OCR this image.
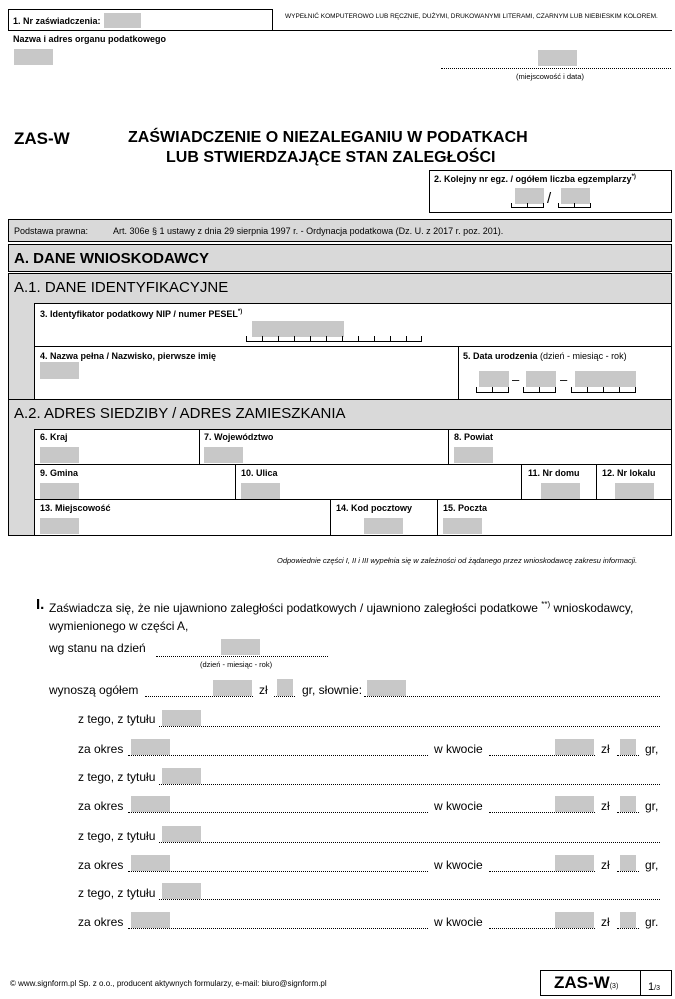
1. Nr zaświadczenia:	WYPEŁNIĆ KOMPUTEROWO LUB RĘCZNIE, DUŻYMI, DRUKOWANYMI LITERAMI, CZARNYM LUB NIEBIESKIM KOLOREM.
Nazwa i adres organu podatkowego
(miejscowość i data)
ZAS-W	ZAŚWIADCZENIE O NIEZALEGANIU W PODATKACH
LUB STWIERDZAJĄCE STAN ZALEGŁOŚCI
2. Kolejny nr egz. / ogółem liczba egzemplarzy*)
/
Podstawa prawna:	Art. 306e § 1 ustawy z dnia 29 sierpnia 1997 r. - Ordynacja podatkowa (Dz. U. z 2017 r. poz. 201).
A. DANE WNIOSKODAWCY
A.1. DANE IDENTYFIKACYJNE
3. Identyfikator podatkowy NIP / numer PESEL*)
4. Nazwa pełna / Nazwisko, pierwsze imię	5. Data urodzenia (dzień - miesiąc - rok)
–	–
A.2. ADRES SIEDZIBY / ADRES ZAMIESZKANIA
6. Kraj	7. Województwo	8. Powiat
9. Gmina	10. Ulica	11. Nr domu 12. Nr lokalu
13. Miejscowość	14. Kod pocztowy	15. Poczta
Odpowiednie części I, II i III wypełnia się w zależności od żądanego przez wnioskodawcę zakresu informacji.
I. Zaświadcza się, że nie ujawniono zaległości podatkowych / ujawniono zaległości podatkowe **) wnioskodawcy,
wymienionego w części A,
wg stanu na dzień
(dzień - miesiąc - rok)
wynoszą ogółem	zł	gr, słownie:
z tego, z tytułu
za okres	w kwocie	zł	gr,
z tego, z tytułu
za okres	w kwocie	zł	gr,
z tego, z tytułu
za okres	w kwocie	zł	gr,
z tego, z tytułu
za okres	w kwocie	zł	gr.
© www.signform.pl Sp. z o.o., producent aktywnych formularzy, e-mail: biuro@signform.pl	ZAS-W(3)	1/3
